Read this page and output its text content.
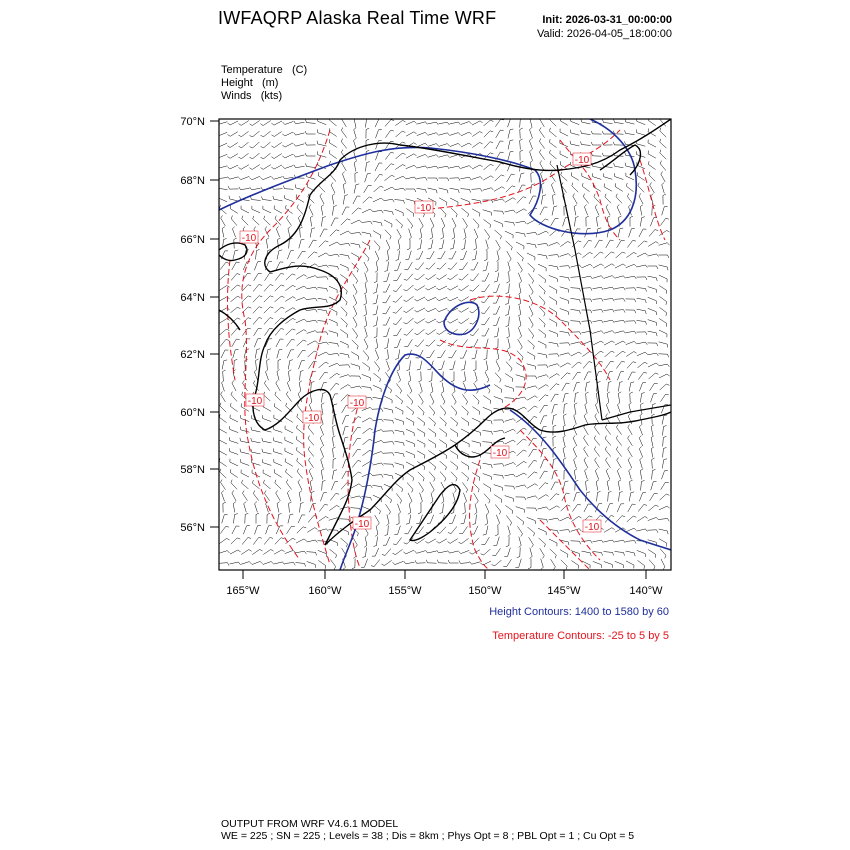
IWFAQRP Alaska Real Time WRF	Init: 2026-03-31_00:00:00
Valid: 2026-04-05_18:00:00
Temperature (C)
Height (m)
Winds (kts)
70°N
68°N
66°N
64°N
62°N
60°N
58°N
56°N
165°W	160°W	155°W	150°W	145°W	140°W
-10
-10
-10
-10
-10
-10
-10
-10
-10
Height Contours: 1400 to 1580 by 60
Temperature Contours: -25 to 5 by 5
OUTPUT FROM WRF V4.6.1 MODEL
WE = 225 ; SN = 225 ; Levels = 38 ; Dis = 8km ; Phys Opt = 8 ; PBL Opt = 1 ; Cu Opt = 5
